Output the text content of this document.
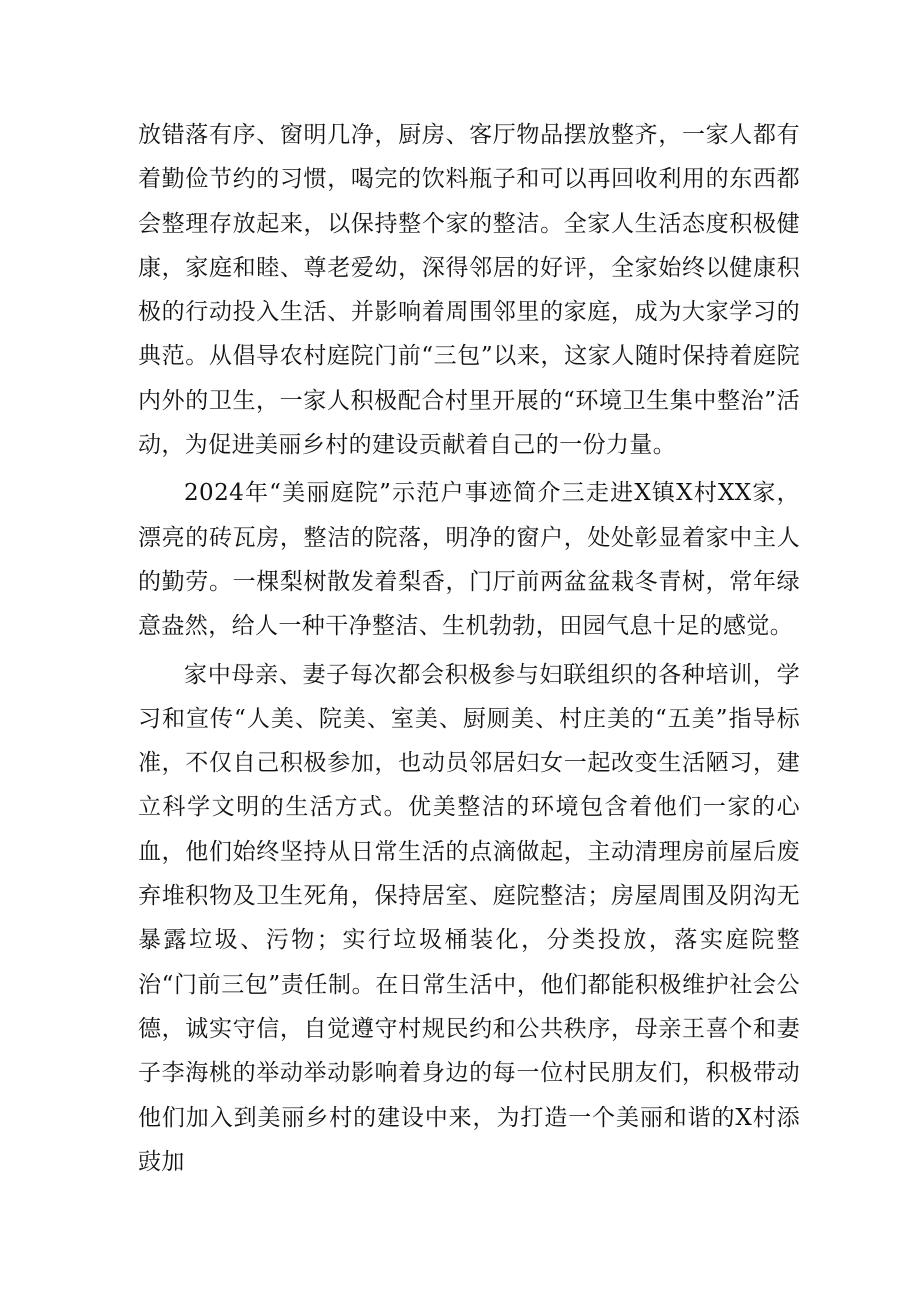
放错落有序、窗明几净，厨房、客厅物品摆放整齐，一家人都有着勤俭节约的习惯，喝完的饮料瓶子和可以再回收利用的东西都会整理存放起来，以保持整个家的整洁。全家人生活态度积极健康，家庭和睦、尊老爱幼，深得邻居的好评，全家始终以健康积极的行动投入生活、并影响着周围邻里的家庭，成为大家学习的典范。从倡导农村庭院门前“三包”以来，这家人随时保持着庭院内外的卫生，一家人积极配合村里开展的“环境卫生集中整治”活动，为促进美丽乡村的建设贡献着自己的一份力量。

2024年“美丽庭院”示范户事迹简介三走进X镇X村XX家，漂亮的砖瓦房，整洁的院落，明净的窗户，处处彰显着家中主人的勤劳。一棵梨树散发着梨香，门厅前两盆盆栽冬青树，常年绿意盎然，给人一种干净整洁、生机勃勃，田园气息十足的感觉。

家中母亲、妻子每次都会积极参与妇联组织的各种培训，学习和宣传“人美、院美、室美、厨厕美、村庄美的“五美”指导标准，不仅自己积极参加，也动员邻居妇女一起改变生活陋习，建立科学文明的生活方式。优美整洁的环境包含着他们一家的心血，他们始终坚持从日常生活的点滴做起，主动清理房前屋后废弃堆积物及卫生死角，保持居室、庭院整洁；房屋周围及阴沟无暴露垃圾、污物；实行垃圾桶装化，分类投放，落实庭院整治“门前三包”责任制。在日常生活中，他们都能积极维护社会公德，诚实守信，自觉遵守村规民约和公共秩序，母亲王喜个和妻子李海桃的举动举动影响着身边的每一位村民朋友们，积极带动他们加入到美丽乡村的建设中来，为打造一个美丽和谐的X村添豉加
